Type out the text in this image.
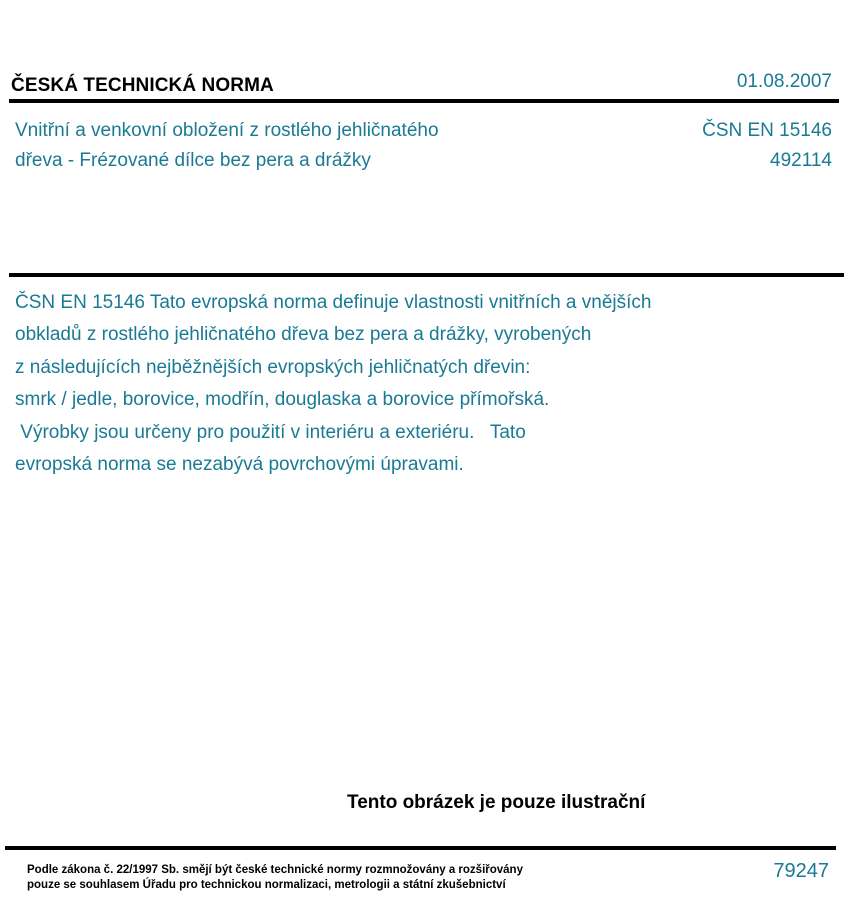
ČESKÁ TECHNICKÁ NORMA	01.08.2007
Vnitřní a venkovní obložení z rostlého jehličnatého
dřeva - Frézované dílce bez pera a drážky
ČSN EN 15146
492114

ČSN EN 15146 Tato evropská norma definuje vlastnosti vnitřních a vnějších

obkladů z rostlého jehličnatého dřeva bez pera a drážky, vyrobených

z následujících nejběžnějších evropských jehličnatých dřevin:

smrk / jedle, borovice, modřín, douglaska a borovice přímořská.

Výrobky jsou určeny pro použití v interiéru a exteriéru.   Tato

evropská norma se nezabývá povrchovými úpravami.

Tento obrázek je pouze ilustrační

Podle zákona č. 22/1997 Sb. smějí být české technické normy rozmnožovány a rozšiřovány

pouze se souhlasem Úřadu pro technickou normalizaci, metrologii a státní zkušebnictví

79247
